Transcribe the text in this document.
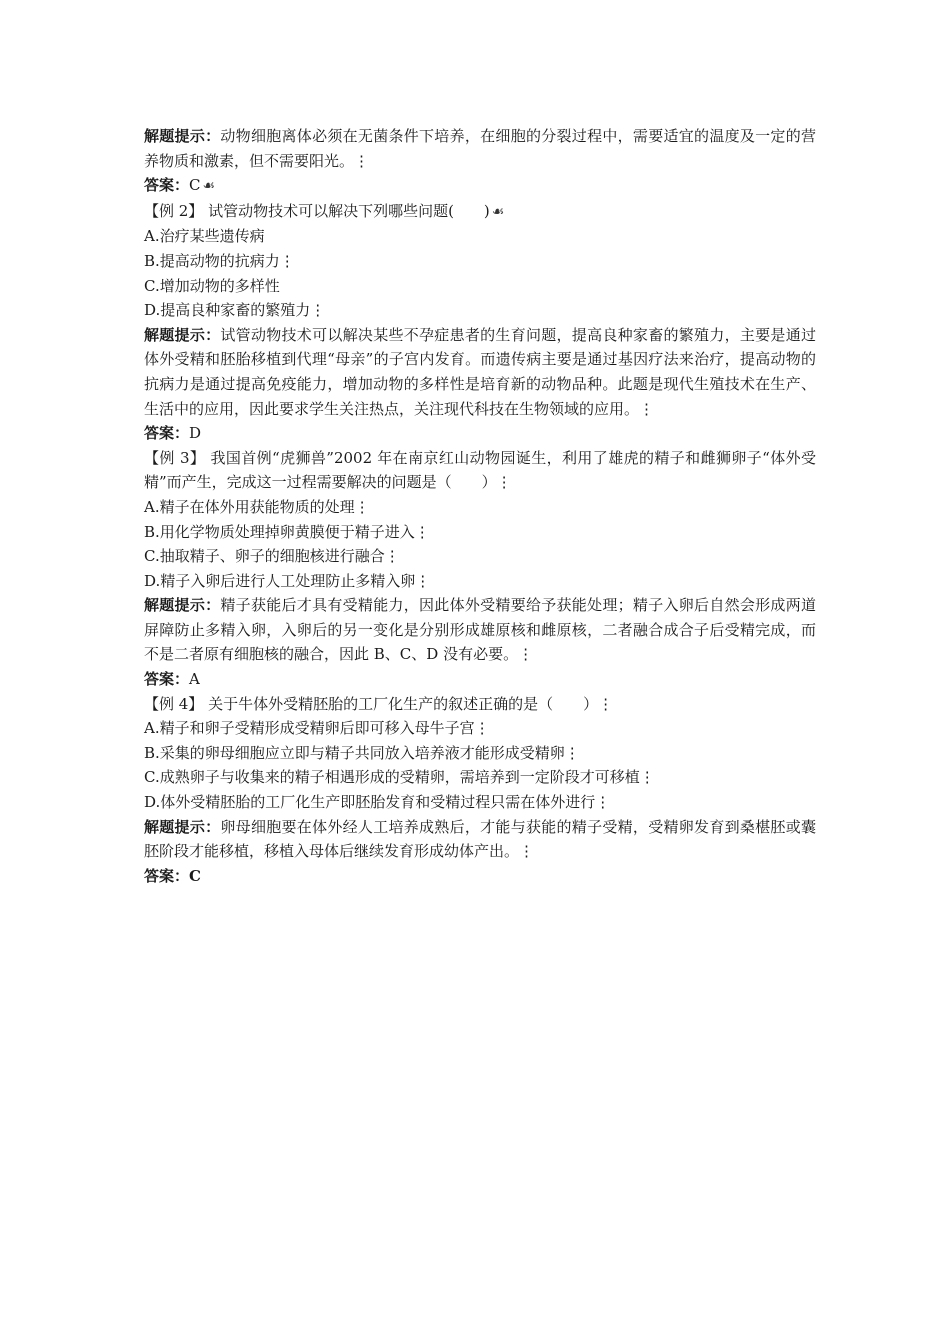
解题提示：动物细胞离体必须在无菌条件下培养，在细胞的分裂过程中，需要适宜的温度及一定的营养物质和激素，但不需要阳光。⋮
答案：C ☙
【例 2】 试管动物技术可以解决下列哪些问题(　　) ☙
A.治疗某些遗传病
B.提高动物的抗病力⋮
C.增加动物的多样性
D.提高良种家畜的繁殖力⋮
解题提示：试管动物技术可以解决某些不孕症患者的生育问题，提高良种家畜的繁殖力，主要是通过体外受精和胚胎移植到代理“母亲”的子宫内发育。而遗传病主要是通过基因疗法来治疗，提高动物的抗病力是通过提高免疫能力，增加动物的多样性是培育新的动物品种。此题是现代生殖技术在生产、生活中的应用，因此要求学生关注热点，关注现代科技在生物领域的应用。⋮
答案：D
【例 3】 我国首例“虎狮兽”2002 年在南京红山动物园诞生，利用了雄虎的精子和雌狮卵子“体外受精”而产生，完成这一过程需要解决的问题是（　　）⋮
A.精子在体外用获能物质的处理⋮
B.用化学物质处理掉卵黄膜便于精子进入⋮
C.抽取精子、卵子的细胞核进行融合⋮
D.精子入卵后进行人工处理防止多精入卵⋮
解题提示：精子获能后才具有受精能力，因此体外受精要给予获能处理；精子入卵后自然会形成两道屏障防止多精入卵，入卵后的另一变化是分别形成雄原核和雌原核，二者融合成合子后受精完成，而不是二者原有细胞核的融合，因此 B、C、D 没有必要。⋮
答案：A
【例 4】 关于牛体外受精胚胎的工厂化生产的叙述正确的是（　　）⋮
A.精子和卵子受精形成受精卵后即可移入母牛子宫⋮
B.采集的卵母细胞应立即与精子共同放入培养液才能形成受精卵⋮
C.成熟卵子与收集来的精子相遇形成的受精卵，需培养到一定阶段才可移植⋮
D.体外受精胚胎的工厂化生产即胚胎发育和受精过程只需在体外进行⋮
解题提示：卵母细胞要在体外经人工培养成熟后，才能与获能的精子受精，受精卵发育到桑椹胚或囊胚阶段才能移植，移植入母体后继续发育形成幼体产出。⋮
答案：C
